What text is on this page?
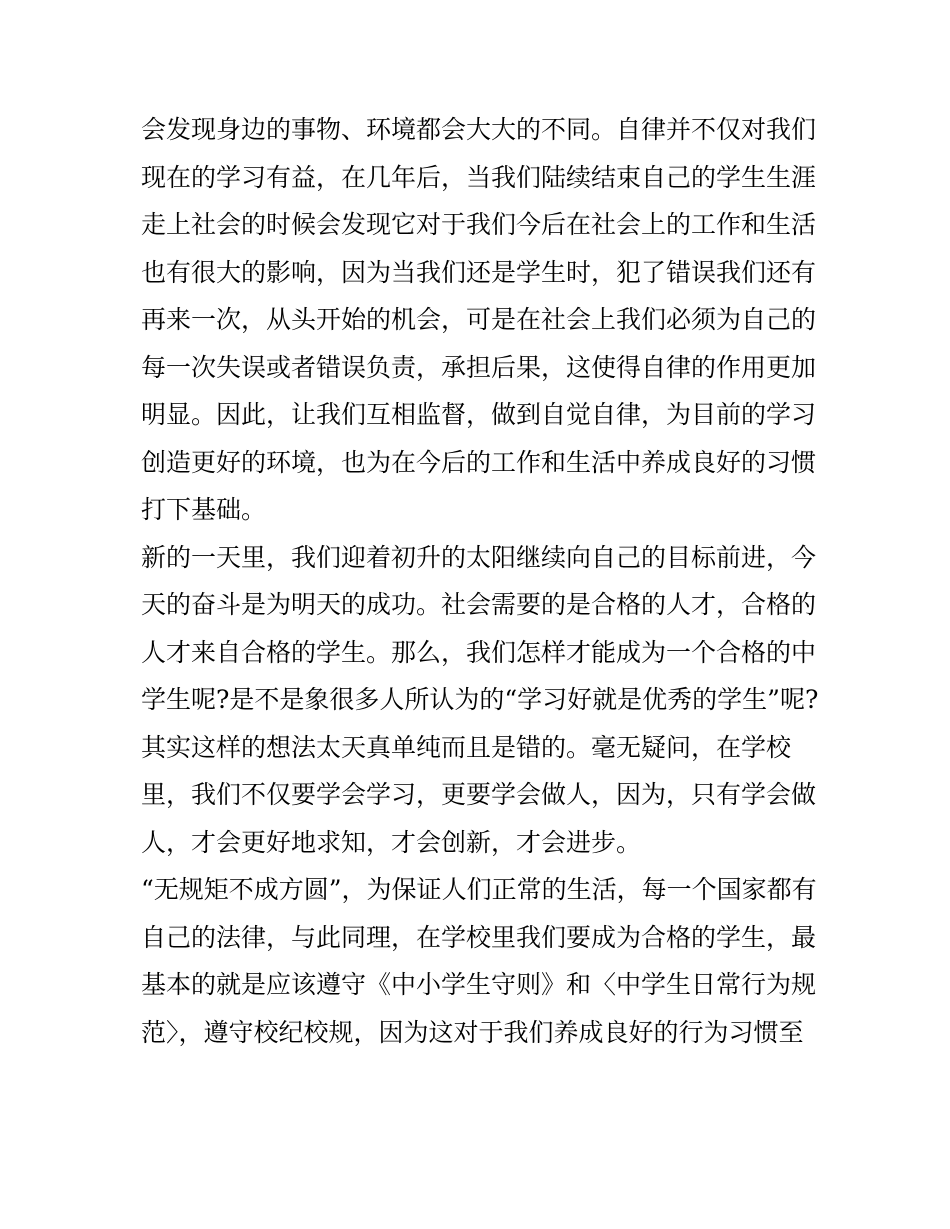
会发现身边的事物、环境都会大大的不同。自律并不仅对我们
现在的学习有益，在几年后，当我们陆续结束自己的学生生涯
走上社会的时候会发现它对于我们今后在社会上的工作和生活
也有很大的影响，因为当我们还是学生时，犯了错误我们还有
再来一次，从头开始的机会，可是在社会上我们必须为自己的
每一次失误或者错误负责，承担后果，这使得自律的作用更加
明显。因此，让我们互相监督，做到自觉自律，为目前的学习
创造更好的环境，也为在今后的工作和生活中养成良好的习惯
打下基础。
新的一天里，我们迎着初升的太阳继续向自己的目标前进，今
天的奋斗是为明天的成功。社会需要的是合格的人才，合格的
人才来自合格的学生。那么，我们怎样才能成为一个合格的中
学生呢?是不是象很多人所认为的“学习好就是优秀的学生”呢?
其实这样的想法太天真单纯而且是错的。毫无疑问，在学校
里，我们不仅要学会学习，更要学会做人，因为，只有学会做
人，才会更好地求知，才会创新，才会进步。
“无规矩不成方圆”，为保证人们正常的生活，每一个国家都有
自己的法律，与此同理，在学校里我们要成为合格的学生，最
基本的就是应该遵守《中小学生守则》和〈中学生日常行为规
范〉，遵守校纪校规，因为这对于我们养成良好的行为习惯至
